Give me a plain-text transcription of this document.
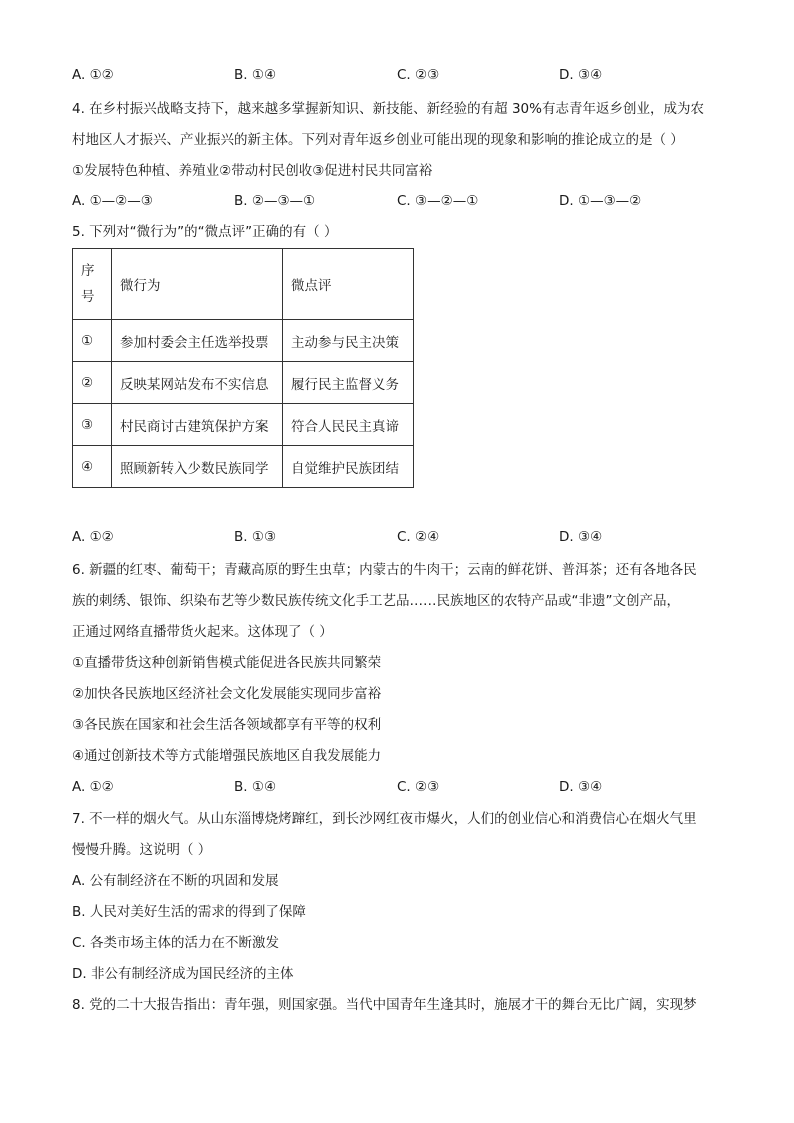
A. ①②	B. ①④	C. ②③	D. ③④
4. 在乡村振兴战略支持下，越来越多掌握新知识、新技能、新经验的有超 30%有志青年返乡创业，成为农
村地区人才振兴、产业振兴的新主体。下列对青年返乡创业可能出现的现象和影响的推论成立的是（ ）
①发展特色种植、养殖业②带动村民创收③促进村民共同富裕
A. ①—②—③	B. ②—③—①	C. ③—②—①	D. ①—③—②
5. 下列对“微行为”的“微点评”正确的有（ ）
序
号	微行为	微点评
①	参加村委会主任选举投票	主动参与民主决策
②	反映某网站发布不实信息	履行民主监督义务
③	村民商讨古建筑保护方案	符合人民民主真谛
④	照顾新转入少数民族同学	自觉维护民族团结
A. ①②	B. ①③	C. ②④	D. ③④
6. 新疆的红枣、葡萄干；青藏高原的野生虫草；内蒙古的牛肉干；云南的鲜花饼、普洱茶；还有各地各民
族的刺绣、银饰、织染布艺等少数民族传统文化手工艺品……民族地区的农特产品或“非遗”文创产品，
正通过网络直播带货火起来。这体现了（ ）
①直播带货这种创新销售模式能促进各民族共同繁荣
②加快各民族地区经济社会文化发展能实现同步富裕
③各民族在国家和社会生活各领域都享有平等的权利
④通过创新技术等方式能增强民族地区自我发展能力
A. ①②	B. ①④	C. ②③	D. ③④
7. 不一样的烟火气。从山东淄博烧烤蹿红，到长沙网红夜市爆火，人们的创业信心和消费信心在烟火气里
慢慢升腾。这说明（ ）
A. 公有制经济在不断的巩固和发展
B. 人民对美好生活的需求的得到了保障
C. 各类市场主体的活力在不断激发
D. 非公有制经济成为国民经济的主体
8. 党的二十大报告指出：青年强，则国家强。当代中国青年生逢其时，施展才干的舞台无比广阔，实现梦
